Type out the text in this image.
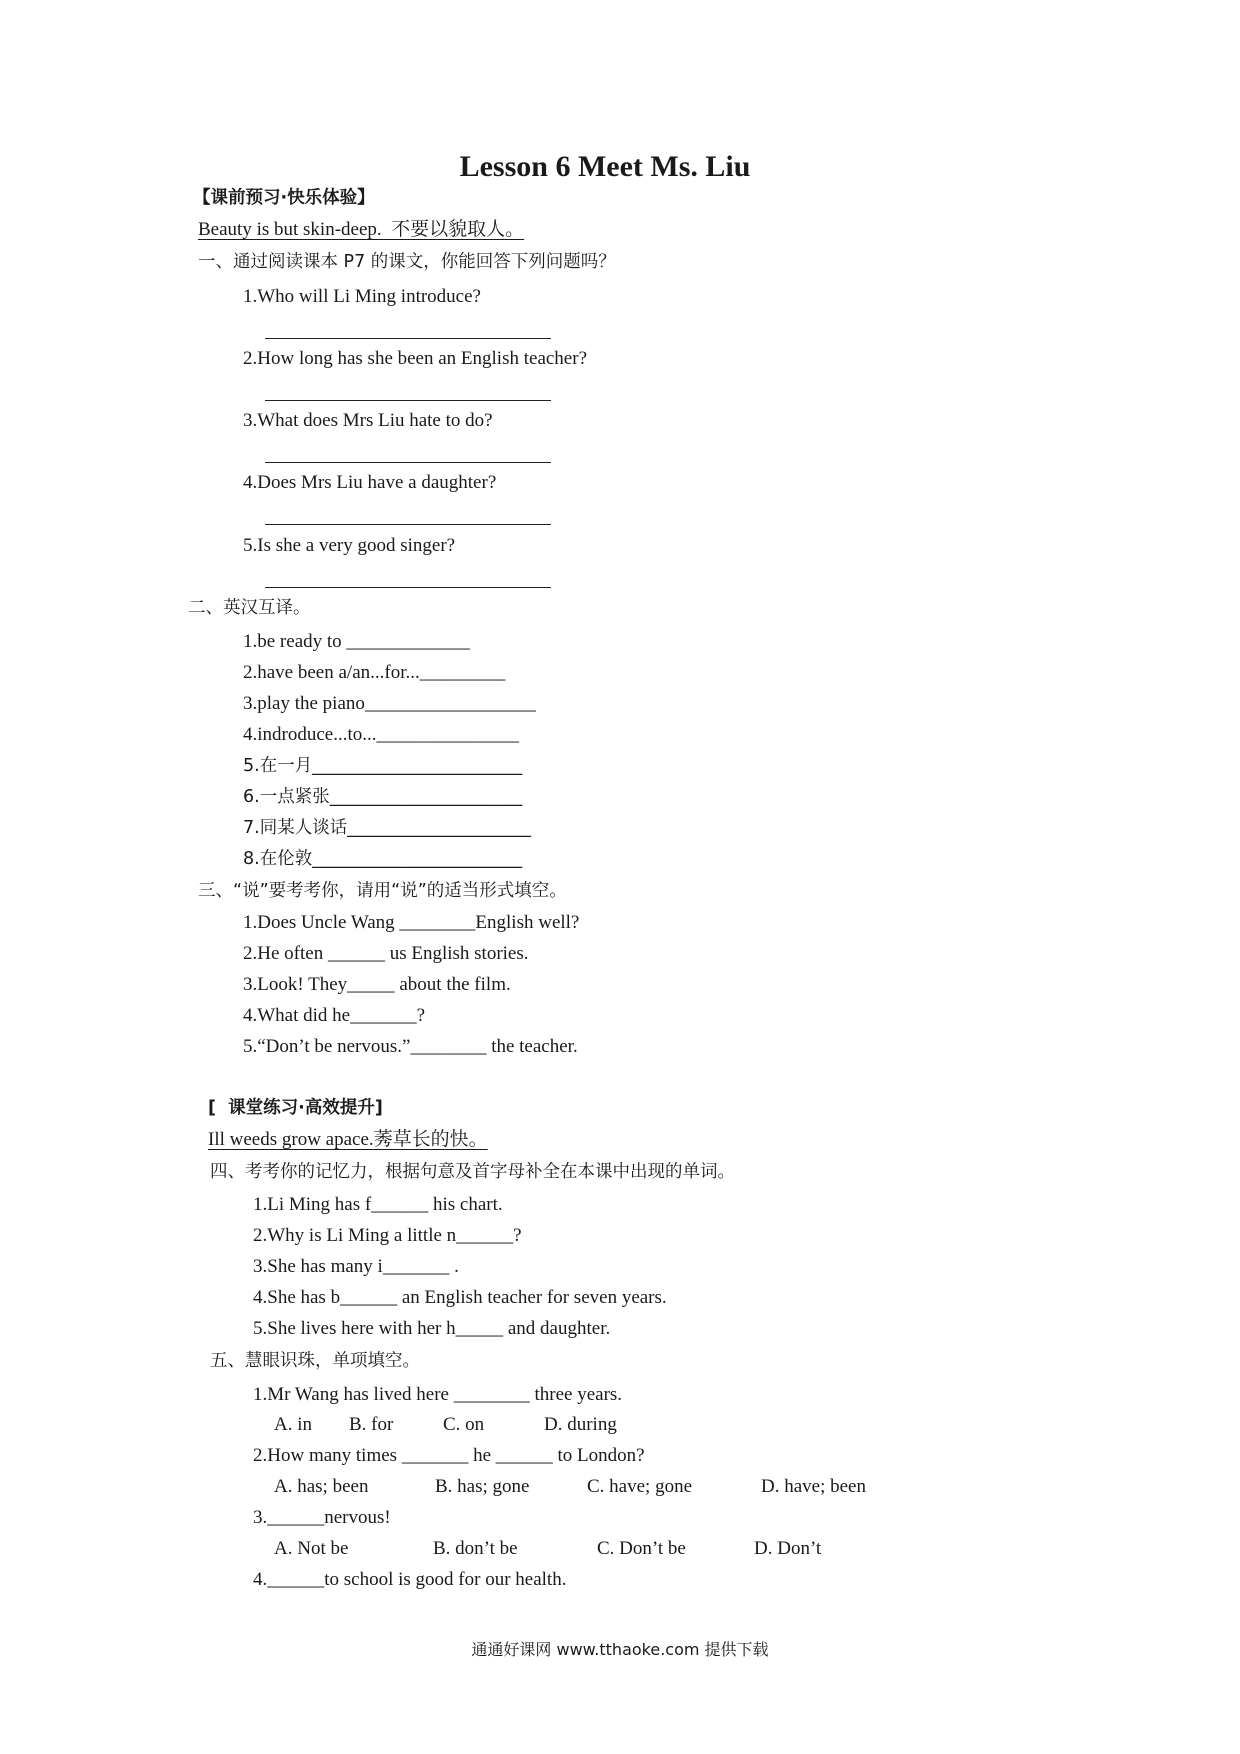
Lesson 6 Meet Ms. Liu
【课前预习·快乐体验】
Beauty is but skin-deep.  不要以貌取人。
一、通过阅读课本 P7 的课文，你能回答下列问题吗？
1.Who will Li Ming introduce?
2.How long has she been an English teacher?
3.What does Mrs Liu hate to do?
4.Does Mrs Liu have a daughter?
5.Is she a very good singer?
二、英汉互译。
1.be ready to _____________
2.have been a/an...for..._________
3.play the piano__________________
4.indroduce...to..._______________
5.在一月________________________
6.一点紧张______________________
7.同某人谈话_____________________
8.在伦敦________________________
三、“说”要考考你，请用“说”的适当形式填空。
1.Does Uncle Wang ________English well?
2.He often ______ us English stories.
3.Look! They_____ about the film.
4.What did he_______?
5.“Don’t be nervous.”________ the teacher.
[  课堂练习·高效提升]
Ill weeds grow apace.莠草长的快。
四、考考你的记忆力，根据句意及首字母补全在本课中出现的单词。
1.Li Ming has f______ his chart.
2.Why is Li Ming a little n______?
3.She has many i_______ .
4.She has b______ an English teacher for seven years.
5.She lives here with her h_____ and daughter.
五、慧眼识珠，单项填空。
1.Mr Wang has lived here ________ three years.
A. in B. for	C. on	D. during
2.How many times _______ he ______ to London?
A. has; been	B. has; gone	C. have; gone	D. have; been
3.______nervous!
A. Not be	B. don’t be	C. Don’t be	D. Don’t
4.______to school is good for our health.
通通好课网 www.tthaoke.com 提供下载
